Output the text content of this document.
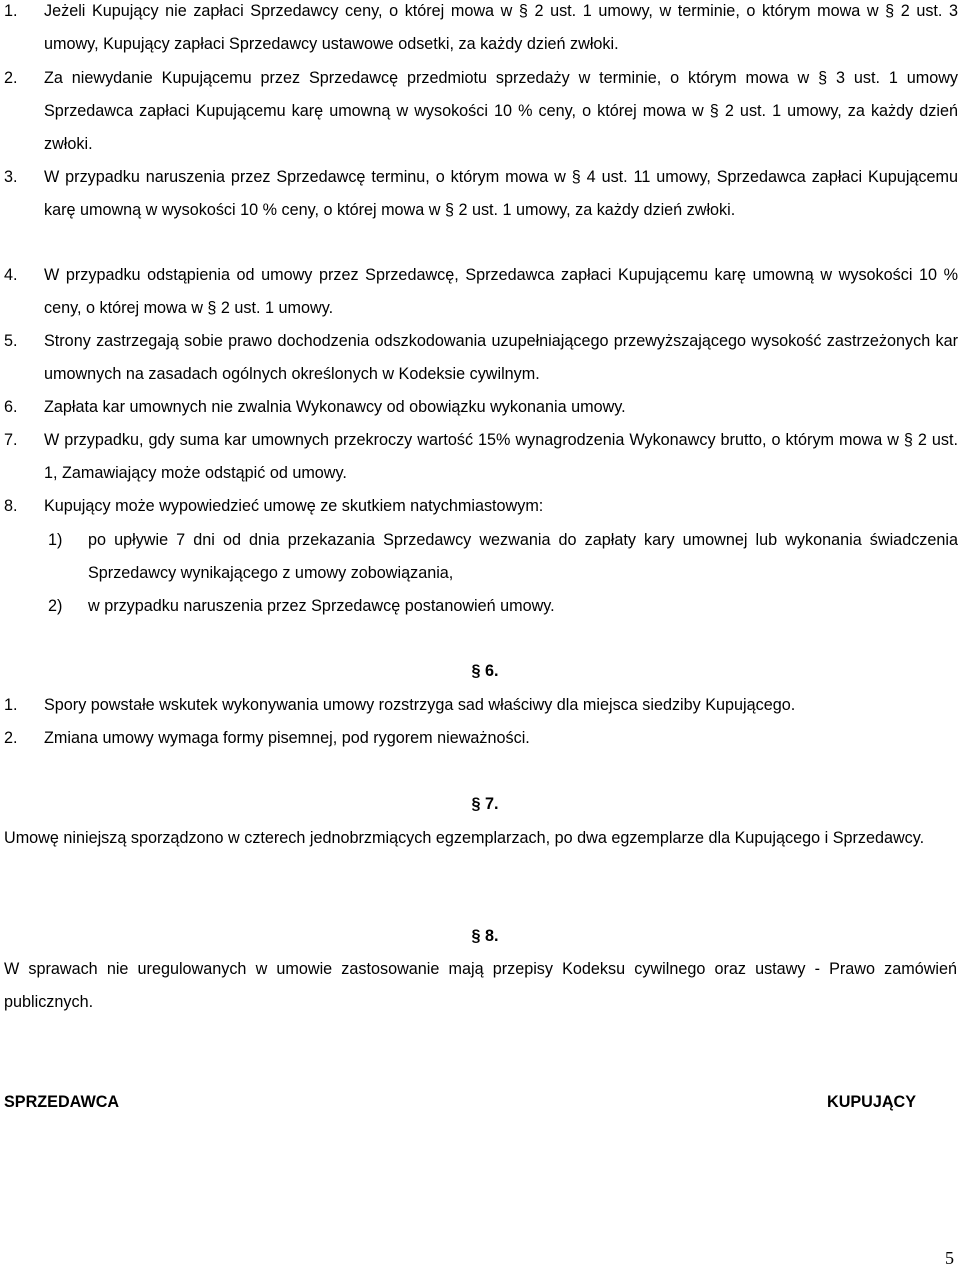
1. Jeżeli Kupujący nie zapłaci Sprzedawcy ceny, o której mowa w § 2 ust. 1 umowy, w terminie, o którym mowa w § 2 ust. 3 umowy, Kupujący zapłaci Sprzedawcy ustawowe odsetki, za każdy dzień zwłoki.
2. Za niewydanie Kupującemu przez Sprzedawcę przedmiotu sprzedaży w terminie, o którym mowa w § 3 ust. 1 umowy Sprzedawca zapłaci Kupującemu karę umowną w wysokości 10 % ceny, o której mowa w § 2 ust. 1 umowy, za każdy dzień zwłoki.
3. W przypadku naruszenia przez Sprzedawcę terminu, o którym mowa w § 4 ust. 11 umowy, Sprzedawca zapłaci Kupującemu karę umowną w wysokości 10 % ceny, o której mowa w § 2 ust. 1 umowy, za każdy dzień zwłoki.
4. W przypadku odstąpienia od umowy przez Sprzedawcę, Sprzedawca zapłaci Kupującemu karę umowną w wysokości 10 % ceny, o której mowa w § 2 ust. 1 umowy.
5. Strony zastrzegają sobie prawo dochodzenia odszkodowania uzupełniającego przewyższającego wysokość zastrzeżonych kar umownych na zasadach ogólnych określonych w Kodeksie cywilnym.
6. Zapłata kar umownych nie zwalnia Wykonawcy od obowiązku wykonania umowy.
7. W przypadku, gdy suma kar umownych przekroczy wartość 15% wynagrodzenia Wykonawcy brutto, o którym mowa w § 2 ust. 1, Zamawiający może odstąpić od umowy.
8. Kupujący może wypowiedzieć umowę ze skutkiem natychmiastowym:
1) po upływie 7 dni od dnia przekazania Sprzedawcy wezwania do zapłaty kary umownej lub wykonania świadczenia Sprzedawcy wynikającego z umowy zobowiązania,
2) w przypadku naruszenia przez Sprzedawcę postanowień umowy.
§ 6.
1. Spory powstałe wskutek wykonywania umowy rozstrzyga sad właściwy dla miejsca siedziby Kupującego.
2. Zmiana umowy wymaga formy pisemnej, pod rygorem nieważności.
§ 7.
Umowę niniejszą sporządzono w czterech jednobrzmiących egzemplarzach, po dwa egzemplarze dla Kupującego i Sprzedawcy.
§ 8.
W sprawach nie uregulowanych w umowie zastosowanie mają przepisy Kodeksu cywilnego oraz ustawy - Prawo zamówień publicznych.
SPRZEDAWCA	KUPUJĄCY
5
